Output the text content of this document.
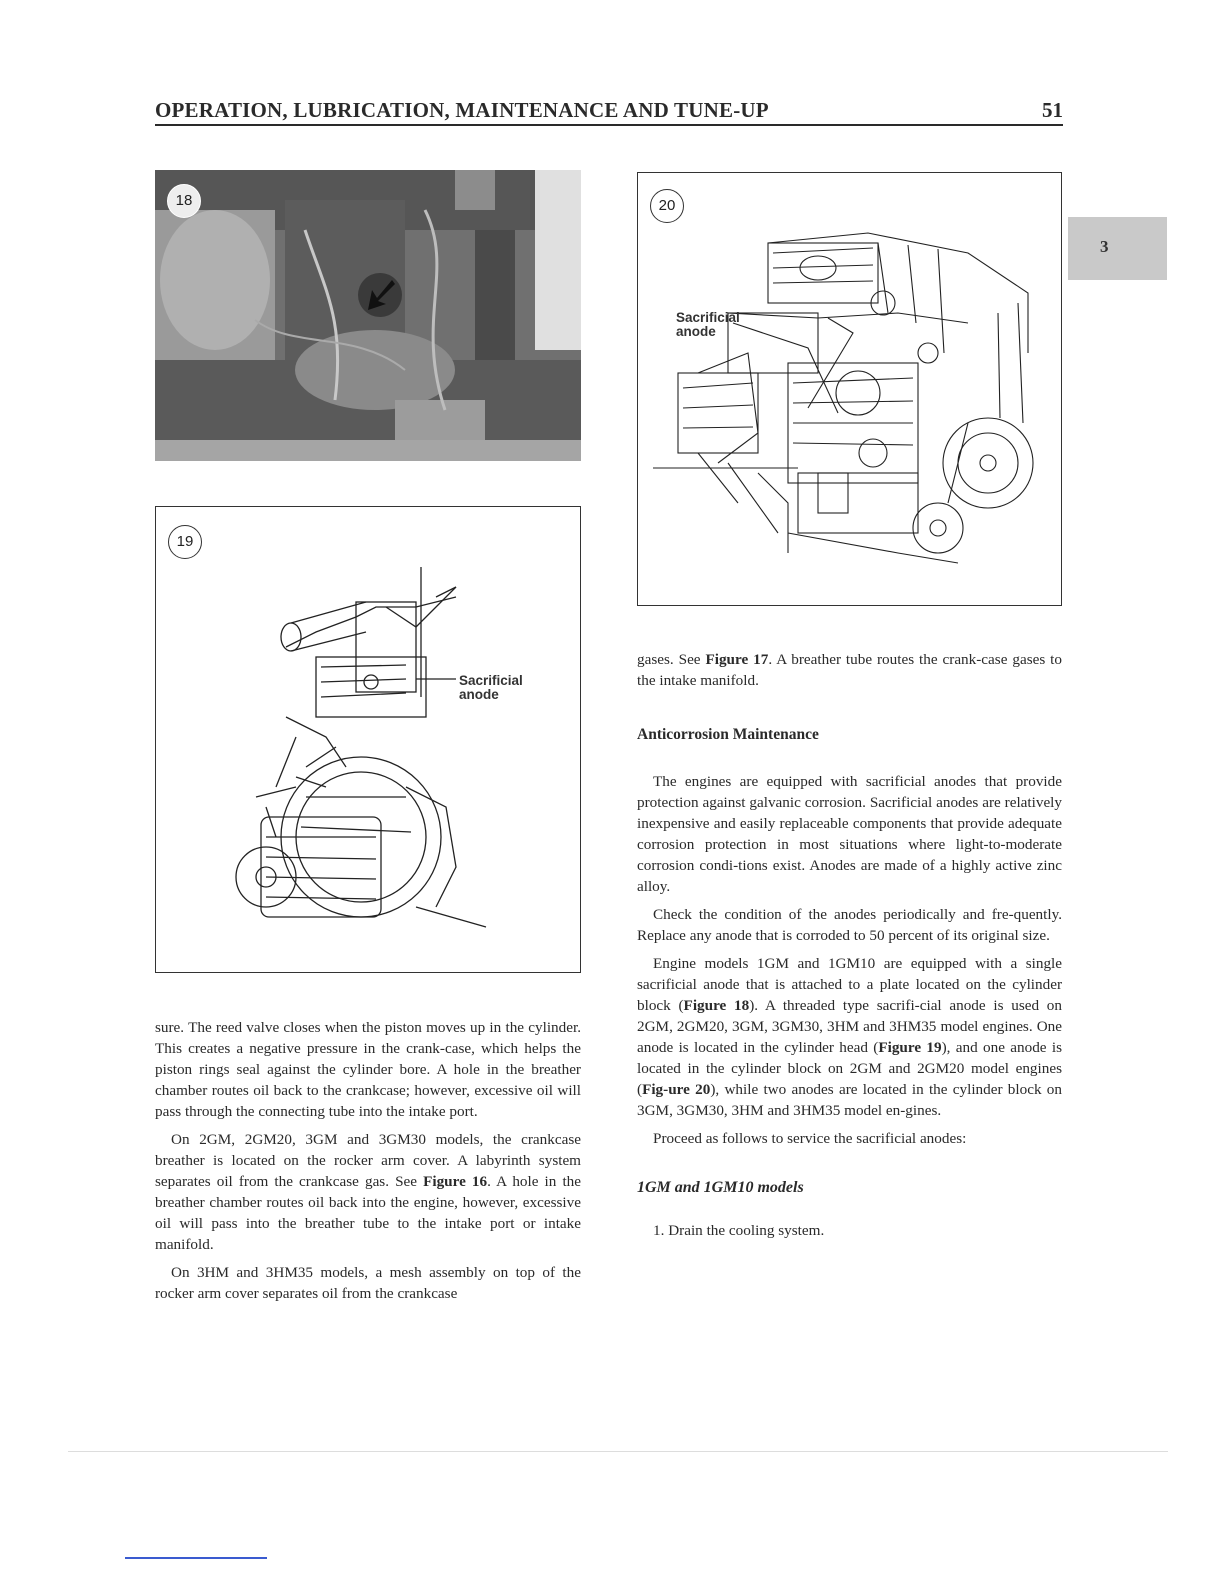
OPERATION, LUBRICATION, MAINTENANCE AND TUNE-UP	51
3
18
19
Sacrificial
anode
20
Sacrificial
anode

sure. The reed valve closes when the piston moves up in the cylinder. This creates a negative pressure in the crank-case, which helps the piston rings seal against the cylinder bore. A hole in the breather chamber routes oil back to the crankcase; however, excessive oil will pass through the connecting tube into the intake port.

On 2GM, 2GM20, 3GM and 3GM30 models, the crankcase breather is located on the rocker arm cover. A labyrinth system separates oil from the crankcase gas. See Figure 16. A hole in the breather chamber routes oil back into the engine, however, excessive oil will pass into the breather tube to the intake port or intake manifold.

On 3HM and 3HM35 models, a mesh assembly on top of the rocker arm cover separates oil from the crankcase

gases. See Figure 17. A breather tube routes the crank-case gases to the intake manifold.

Anticorrosion Maintenance

The engines are equipped with sacrificial anodes that provide protection against galvanic corrosion. Sacrificial anodes are relatively inexpensive and easily replaceable components that provide adequate corrosion protection in most situations where light-to-moderate corrosion condi-tions exist. Anodes are made of a highly active zinc alloy.

Check the condition of the anodes periodically and fre-quently. Replace any anode that is corroded to 50 percent of its original size.

Engine models 1GM and 1GM10 are equipped with a single sacrificial anode that is attached to a plate located on the cylinder block (Figure 18). A threaded type sacrifi-cial anode is used on 2GM, 2GM20, 3GM, 3GM30, 3HM and 3HM35 model engines. One anode is located in the cylinder head (Figure 19), and one anode is located in the cylinder block on 2GM and 2GM20 model engines (Fig-ure 20), while two anodes are located in the cylinder block on 3GM, 3GM30, 3HM and 3HM35 model en-gines.

Proceed as follows to service the sacrificial anodes:

1GM and 1GM10 models

1. Drain the cooling system.
